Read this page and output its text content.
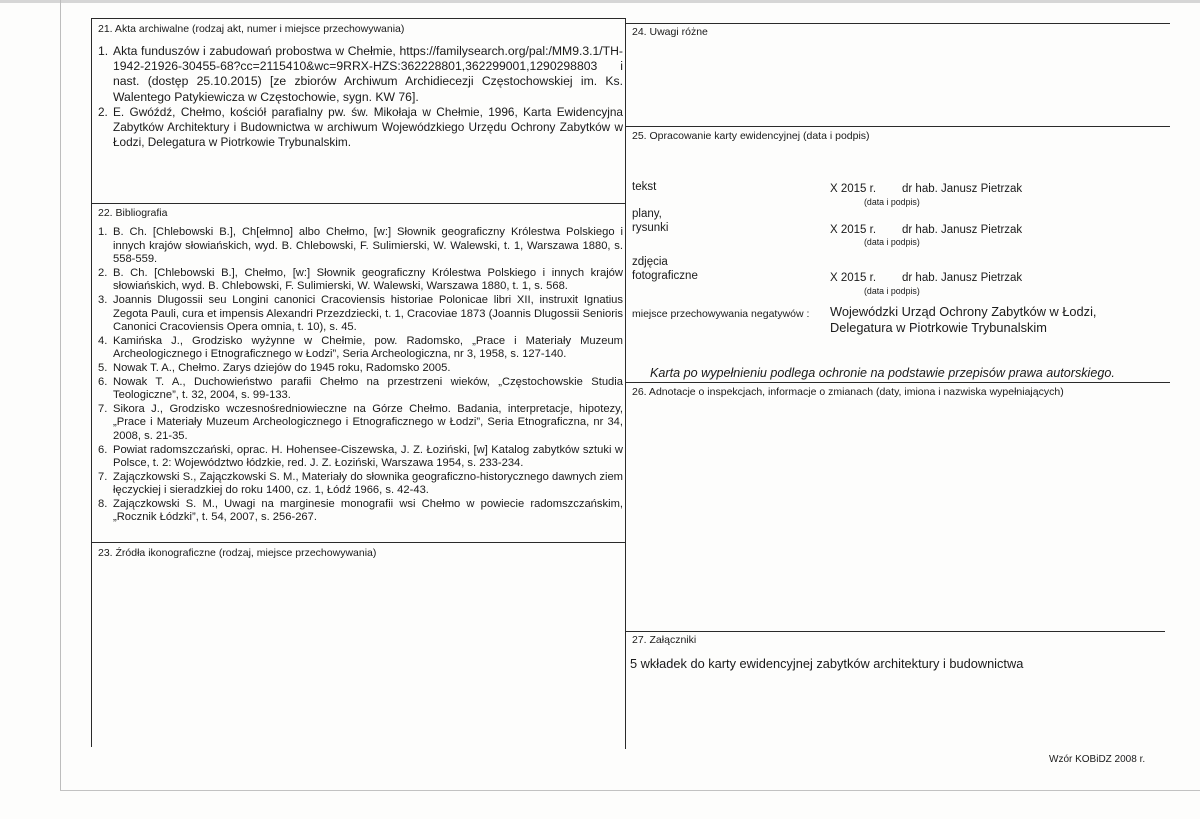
21. Akta archiwalne (rodzaj akt, numer i miejsce przechowywania)
1. Akta funduszów i zabudowań probostwa w Chełmie, https://familysearch.org/pal:/MM9.3.1/TH-1942-21926-30455-68?cc=2115410&wc=9RRX-HZS:362228801,362299001,1290298803 i nast. (dostęp 25.10.2015) [ze zbiorów Archiwum Archidiecezji Częstochowskiej im. Ks. Walentego Patykiewicza w Częstochowie, sygn. KW 76].
2. E. Gwóźdź, Chełmo, kościół parafialny pw. św. Mikołaja w Chełmie, 1996, Karta Ewidencyjna Zabytków Architektury i Budownictwa w archiwum Wojewódzkiego Urzędu Ochrony Zabytków w Łodzi, Delegatura w Piotrkowie Trybunalskim.
22. Bibliografia
1. B. Ch. [Chlebowski B.], Ch[ełmno] albo Chełmo, [w:] Słownik geograficzny Królestwa Polskiego i innych krajów słowiańskich, wyd. B. Chlebowski, F. Sulimierski, W. Walewski, t. 1, Warszawa 1880, s. 558-559.
2. B. Ch. [Chlebowski B.], Chełmo, [w:] Słownik geograficzny Królestwa Polskiego i innych krajów słowiańskich, wyd. B. Chlebowski, F. Sulimierski, W. Walewski, Warszawa 1880, t. 1, s. 568.
3. Joannis Dlugossii seu Longini canonici Cracoviensis historiae Polonicae libri XII, instruxit Ignatius Zegota Pauli, cura et impensis Alexandri Przezdziecki, t. 1, Cracoviae 1873 (Joannis Dlugossii Senioris Canonici Cracoviensis Opera omnia, t. 10), s. 45.
4. Kamińska J., Grodzisko wyżynne w Chełmie, pow. Radomsko, „Prace i Materiały Muzeum Archeologicznego i Etnograficznego w Łodzi”, Seria Archeologiczna, nr 3, 1958, s. 127-140.
5. Nowak T. A., Chełmo. Zarys dziejów do 1945 roku, Radomsko 2005.
6. Nowak T. A., Duchowieństwo parafii Chełmo na przestrzeni wieków, „Częstochowskie Studia Teologiczne”, t. 32, 2004, s. 99-133.
7. Sikora J., Grodzisko wczesnośredniowieczne na Górze Chełmo. Badania, interpretacje, hipotezy, „Prace i Materiały Muzeum Archeologicznego i Etnograficznego w Łodzi”, Seria Etnograficzna, nr 34, 2008, s. 21-35.
6. Powiat radomszczański, oprac. H. Hohensee-Ciszewska, J. Z. Łoziński, [w] Katalog zabytków sztuki w Polsce, t. 2: Województwo łódzkie, red. J. Z. Łoziński, Warszawa 1954, s. 233-234.
7. Zajączkowski S., Zajączkowski S. M., Materiały do słownika geograficzno-historycznego dawnych ziem łęczyckiej i sieradzkiej do roku 1400, cz. 1, Łódź 1966, s. 42-43.
8. Zajączkowski S. M., Uwagi na marginesie monografii wsi Chełmo w powiecie radomszczańskim, „Rocznik Łódzki”, t. 54, 2007, s. 256-267.
23. Źródła ikonograficzne (rodzaj, miejsce przechowywania)
24. Uwagi różne
25. Opracowanie karty ewidencyjnej (data i podpis)
tekst	X 2015 r. dr hab. Janusz Pietrzak
(data i podpis)
plany,
rysunki	X 2015 r. dr hab. Janusz Pietrzak
(data i podpis)
zdjęcia
fotograficzne	X 2015 r. dr hab. Janusz Pietrzak
(data i podpis)
miejsce przechowywania negatywów : Wojewódzki Urząd Ochrony Zabytków w Łodzi,
Delegatura w Piotrkowie Trybunalskim
Karta po wypełnieniu podlega ochronie na podstawie przepisów prawa autorskiego.
26. Adnotacje o inspekcjach, informacje o zmianach (daty, imiona i nazwiska wypełniających)
27. Załączniki
5 wkładek do karty ewidencyjnej zabytków architektury i budownictwa
Wzór KOBiDZ 2008 r.
